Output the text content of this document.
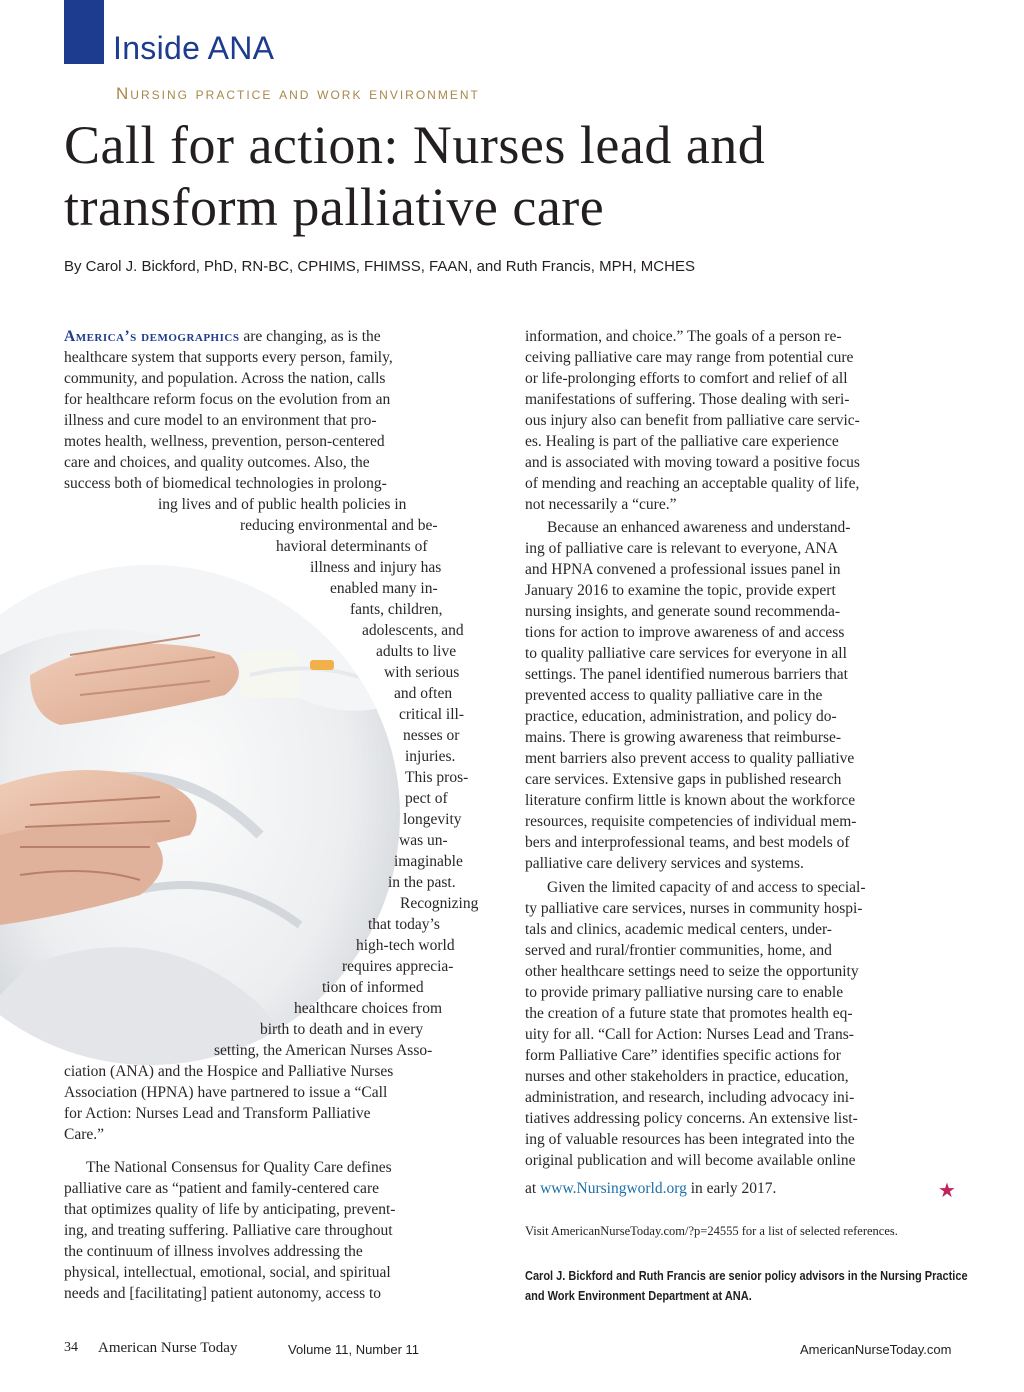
Inside ANA
Nursing practice and work environment
Call for action: Nurses lead and
transform palliative care
By Carol J. Bickford, PhD, RN-BC, CPHIMS, FHIMSS, FAAN, and Ruth Francis, MPH, MCHES
America’s demographics are changing, as is the
healthcare system that supports every person, family,
community, and population. Across the nation, calls
for healthcare reform focus on the evolution from an
illness and cure model to an environment that pro-
motes health, wellness, prevention, person-centered
care and choices, and quality outcomes. Also, the
success both of biomedical technologies in prolong-
ing lives and of public health policies in
reducing environmental and be-
havioral determinants of
illness and injury has
enabled many in-
fants, children,
adolescents, and
adults to live
with serious
and often
critical ill-
nesses or
injuries.
This pros-
pect of
longevity
was un-
imaginable
in the past.
Recognizing
that today’s
high-tech world
requires apprecia-
tion of informed
healthcare choices from
birth to death and in every
setting, the American Nurses Asso-
ciation (ANA) and the Hospice and Palliative Nurses
Association (HPNA) have partnered to issue a “Call
for Action: Nurses Lead and Transform Palliative
Care.”
The National Consensus for Quality Care defines
palliative care as “patient and family-centered care
that optimizes quality of life by anticipating, prevent-
ing, and treating suffering. Palliative care throughout
the continuum of illness involves addressing the
physical, intellectual, emotional, social, and spiritual
needs and [facilitating] patient autonomy, access to
information, and choice.” The goals of a person re-
ceiving palliative care may range from potential cure
or life-prolonging efforts to comfort and relief of all
manifestations of suffering. Those dealing with seri-
ous injury also can benefit from palliative care servic-
es. Healing is part of the palliative care experience
and is associated with moving toward a positive focus
of mending and reaching an acceptable quality of life,
not necessarily a “cure.”
Because an enhanced awareness and understand-
ing of palliative care is relevant to everyone, ANA
and HPNA convened a professional issues panel in
January 2016 to examine the topic, provide expert
nursing insights, and generate sound recommenda-
tions for action to improve awareness of and access
to quality palliative care services for everyone in all
settings. The panel identified numerous barriers that
prevented access to quality palliative care in the
practice, education, administration, and policy do-
mains. There is growing awareness that reimburse-
ment barriers also prevent access to quality palliative
care services. Extensive gaps in published research
literature confirm little is known about the workforce
resources, requisite competencies of individual mem-
bers and interprofessional teams, and best models of
palliative care delivery services and systems.
Given the limited capacity of and access to special-
ty palliative care services, nurses in community hospi-
tals and clinics, academic medical centers, under-
served and rural/frontier communities, home, and
other healthcare settings need to seize the opportunity
to provide primary palliative nursing care to enable
the creation of a future state that promotes health eq-
uity for all. “Call for Action: Nurses Lead and Trans-
form Palliative Care” identifies specific actions for
nurses and other stakeholders in practice, education,
administration, and research, including advocacy ini-
tiatives addressing policy concerns. An extensive list-
ing of valuable resources has been integrated into the
original publication and will become available online
at www.Nursingworld.org in early 2017.	★
Visit AmericanNurseToday.com/?p=24555 for a list of selected references.
Carol J. Bickford and Ruth Francis are senior policy advisors in the Nursing Practice
and Work Environment Department at ANA.
34 American Nurse Today	Volume 11, Number 11	AmericanNurseToday.com
